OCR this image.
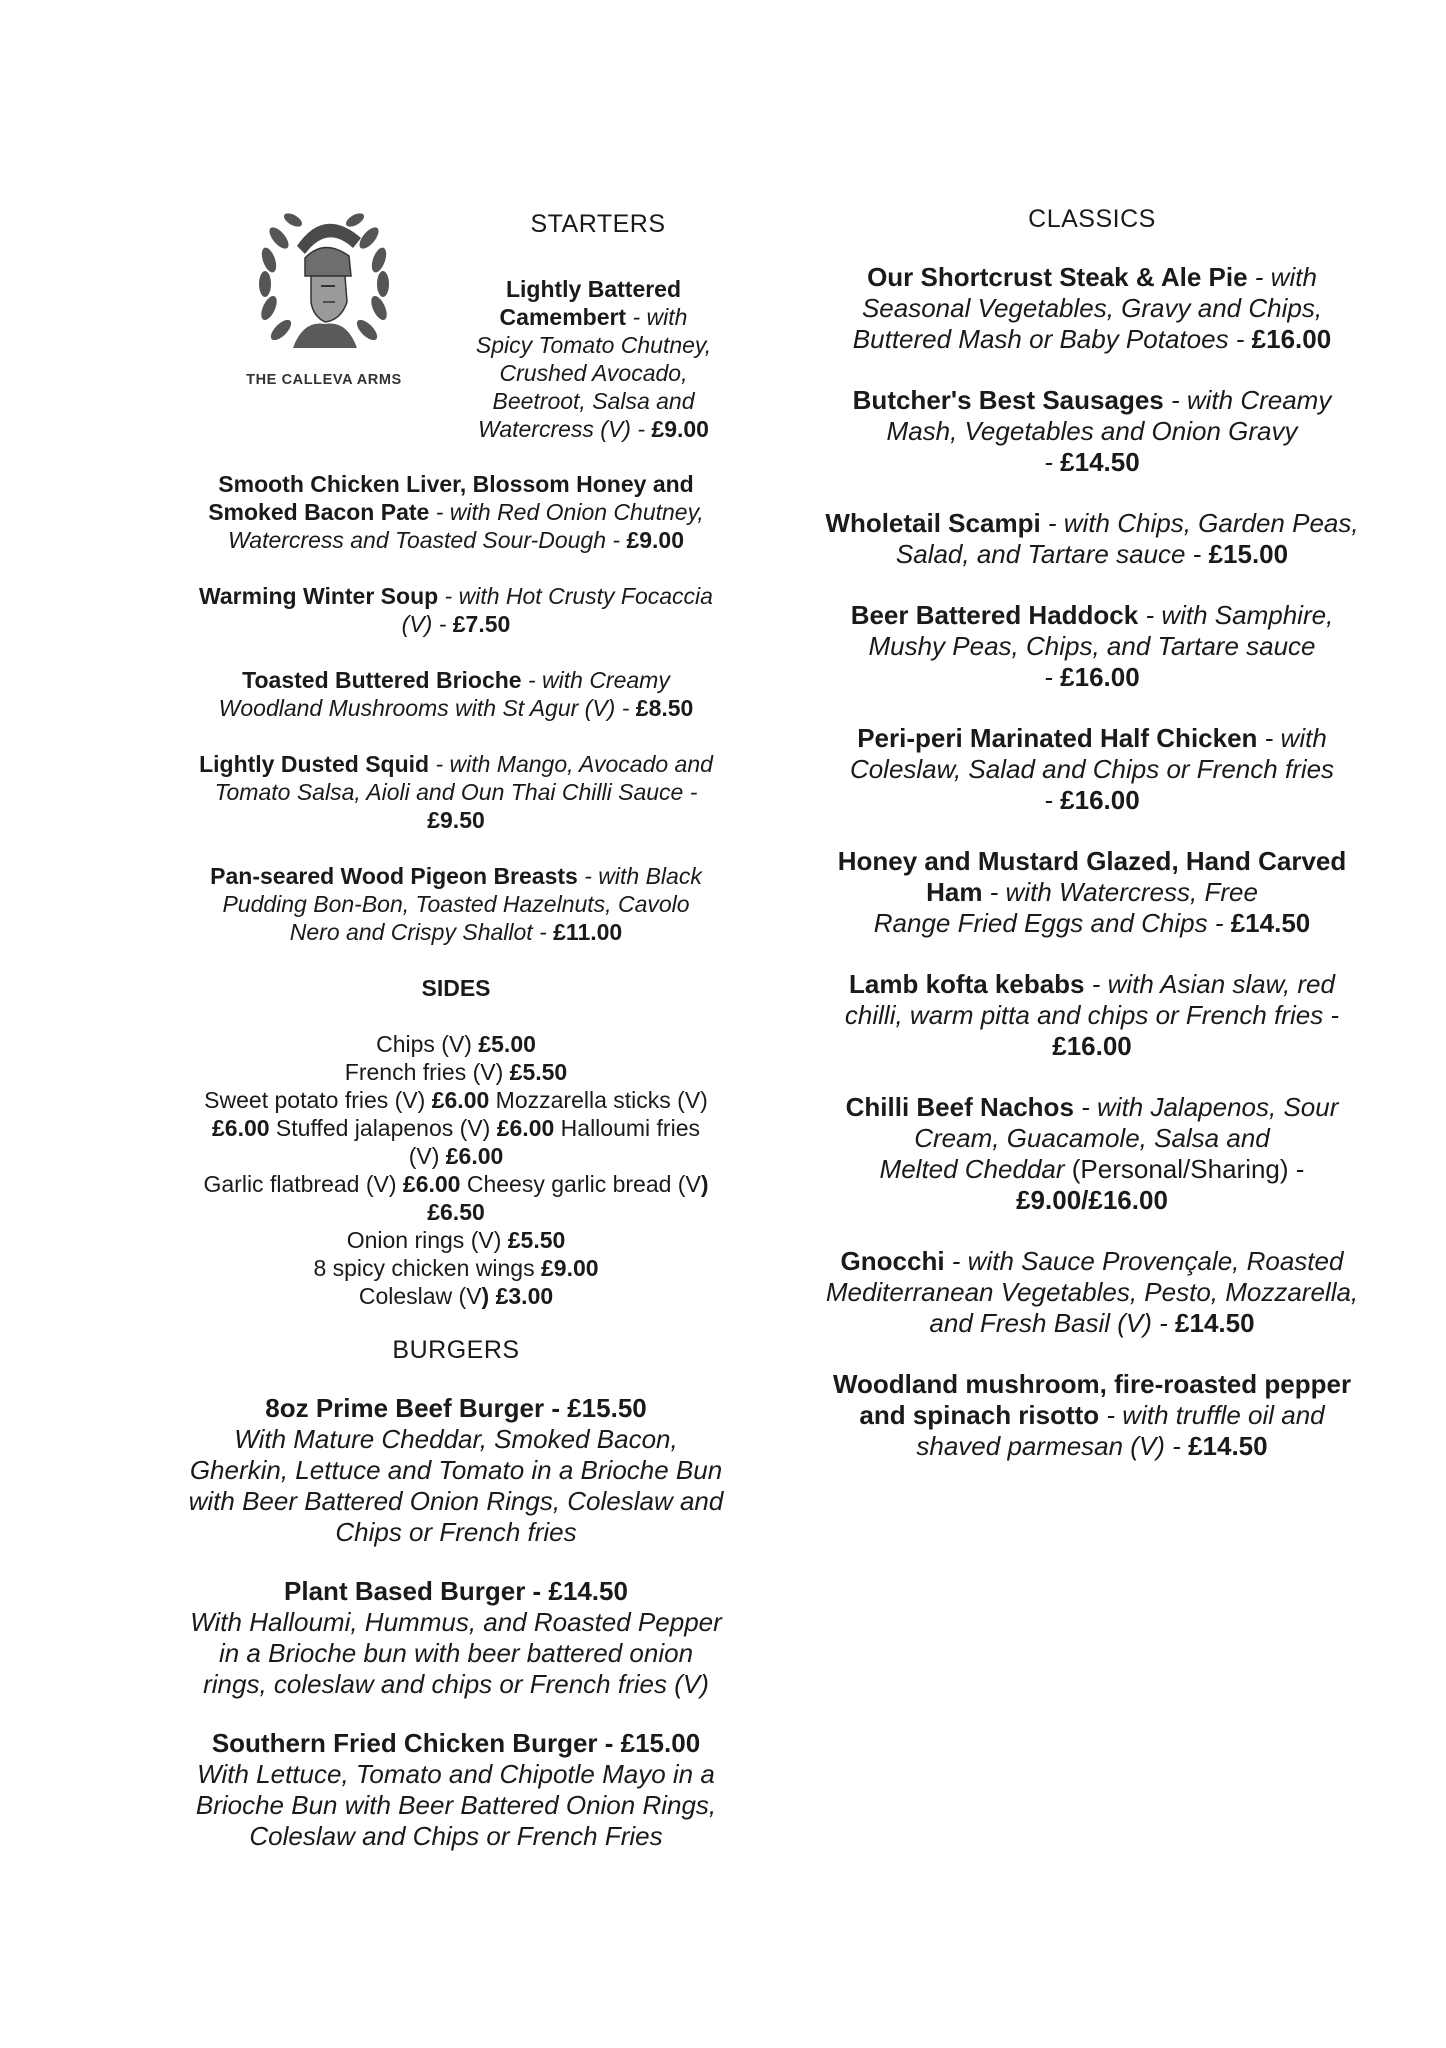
THE CALLEVA ARMS
STARTERS
Lightly Battered
Camembert - with
Spicy Tomato Chutney,
Crushed Avocado,
Beetroot, Salsa and
Watercress (V) - £9.00
Smooth Chicken Liver, Blossom Honey and
Smoked Bacon Pate - with Red Onion Chutney,
Watercress and Toasted Sour-Dough - £9.00
Warming Winter Soup - with Hot Crusty Focaccia
(V) - £7.50
Toasted Buttered Brioche - with Creamy
Woodland Mushrooms with St Agur (V) - £8.50
Lightly Dusted Squid - with Mango, Avocado and
Tomato Salsa, Aioli and Oun Thai Chilli Sauce -
£9.50
Pan-seared Wood Pigeon Breasts - with Black
Pudding Bon-Bon, Toasted Hazelnuts, Cavolo
Nero and Crispy Shallot - £11.00
SIDES
Chips (V) £5.00
French fries (V) £5.50
Sweet potato fries (V) £6.00 Mozzarella sticks (V)
£6.00 Stuffed jalapenos (V) £6.00 Halloumi fries
(V) £6.00
Garlic flatbread (V) £6.00 Cheesy garlic bread (V)
£6.50
Onion rings (V) £5.50
8 spicy chicken wings £9.00
Coleslaw (V) £3.00
BURGERS
8oz Prime Beef Burger - £15.50
With Mature Cheddar, Smoked Bacon,
Gherkin, Lettuce and Tomato in a Brioche Bun
with Beer Battered Onion Rings, Coleslaw and
Chips or French fries
Plant Based Burger - £14.50
With Halloumi, Hummus, and Roasted Pepper
in a Brioche bun with beer battered onion
rings, coleslaw and chips or French fries (V)
Southern Fried Chicken Burger - £15.00
With Lettuce, Tomato and Chipotle Mayo in a
Brioche Bun with Beer Battered Onion Rings,
Coleslaw and Chips or French Fries
CLASSICS
Our Shortcrust Steak & Ale Pie - with
Seasonal Vegetables, Gravy and Chips,
Buttered Mash or Baby Potatoes - £16.00
Butcher's Best Sausages - with Creamy
Mash, Vegetables and Onion Gravy
- £14.50
Wholetail Scampi - with Chips, Garden Peas,
Salad, and Tartare sauce - £15.00
Beer Battered Haddock - with Samphire,
Mushy Peas, Chips, and Tartare sauce
- £16.00
Peri-peri Marinated Half Chicken - with
Coleslaw, Salad and Chips or French fries
- £16.00
Honey and Mustard Glazed, Hand Carved
Ham - with Watercress, Free
Range Fried Eggs and Chips - £14.50
Lamb kofta kebabs - with Asian slaw, red
chilli, warm pitta and chips or French fries -
£16.00
Chilli Beef Nachos - with Jalapenos, Sour
Cream, Guacamole, Salsa and
Melted Cheddar (Personal/Sharing) -
£9.00/£16.00
Gnocchi - with Sauce Provençale, Roasted
Mediterranean Vegetables, Pesto, Mozzarella,
and Fresh Basil (V) - £14.50
Woodland mushroom, fire-roasted pepper
and spinach risotto - with truffle oil and
shaved parmesan (V) - £14.50
